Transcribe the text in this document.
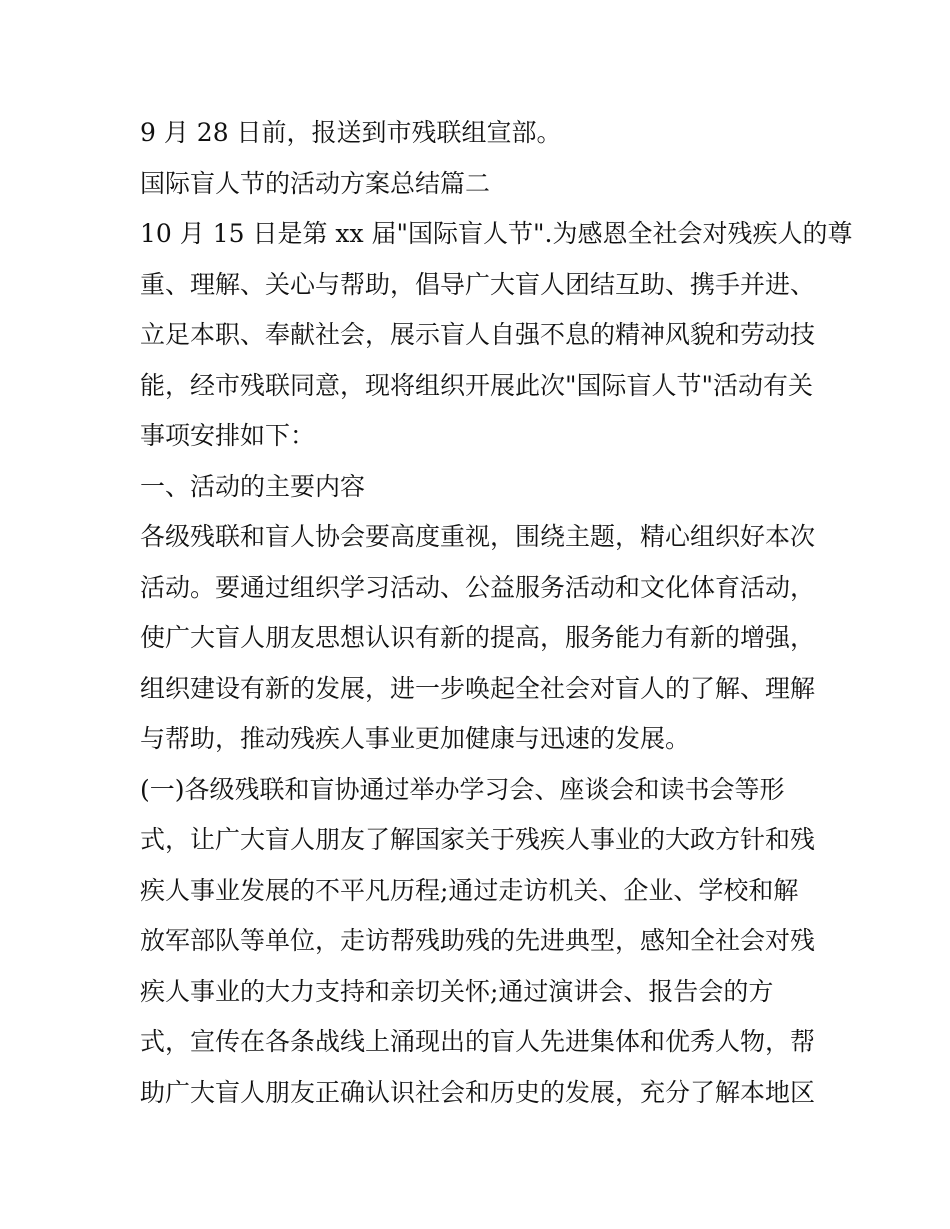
9 月 28 日前，报送到市残联组宣部。

国际盲人节的活动方案总结篇二

10 月 15 日是第 xx 届"国际盲人节".为感恩全社会对残疾人的尊

重、理解、关心与帮助，倡导广大盲人团结互助、携手并进、

立足本职、奉献社会，展示盲人自强不息的精神风貌和劳动技

能，经市残联同意，现将组织开展此次"国际盲人节"活动有关

事项安排如下：

一、活动的主要内容

各级残联和盲人协会要高度重视，围绕主题，精心组织好本次

活动。要通过组织学习活动、公益服务活动和文化体育活动，

使广大盲人朋友思想认识有新的提高，服务能力有新的增强，

组织建设有新的发展，进一步唤起全社会对盲人的了解、理解

与帮助，推动残疾人事业更加健康与迅速的发展。

(一)各级残联和盲协通过举办学习会、座谈会和读书会等形

式，让广大盲人朋友了解国家关于残疾人事业的大政方针和残

疾人事业发展的不平凡历程;通过走访机关、企业、学校和解

放军部队等单位，走访帮残助残的先进典型，感知全社会对残

疾人事业的大力支持和亲切关怀;通过演讲会、报告会的方

式，宣传在各条战线上涌现出的盲人先进集体和优秀人物，帮

助广大盲人朋友正确认识社会和历史的发展，充分了解本地区
